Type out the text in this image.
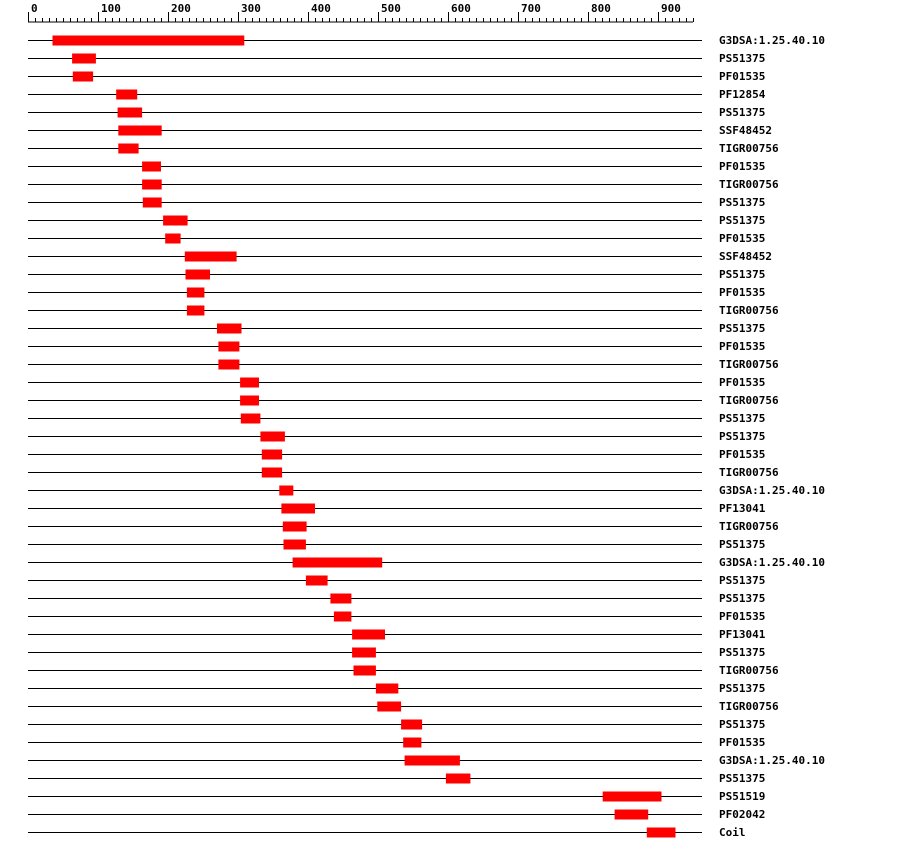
0	100	200	300	400	500	600	700	800	900
G3DSA:1.25.40.10
PS51375
PF01535
PF12854
PS51375
SSF48452
TIGR00756
PF01535
TIGR00756
PS51375
PS51375
PF01535
SSF48452
PS51375
PF01535
TIGR00756
PS51375
PF01535
TIGR00756
PF01535
TIGR00756
PS51375
PS51375
PF01535
TIGR00756
G3DSA:1.25.40.10
PF13041
TIGR00756
PS51375
G3DSA:1.25.40.10
PS51375
PS51375
PF01535
PF13041
PS51375
TIGR00756
PS51375
TIGR00756
PS51375
PF01535
G3DSA:1.25.40.10
PS51375
PS51519
PF02042
Coil
